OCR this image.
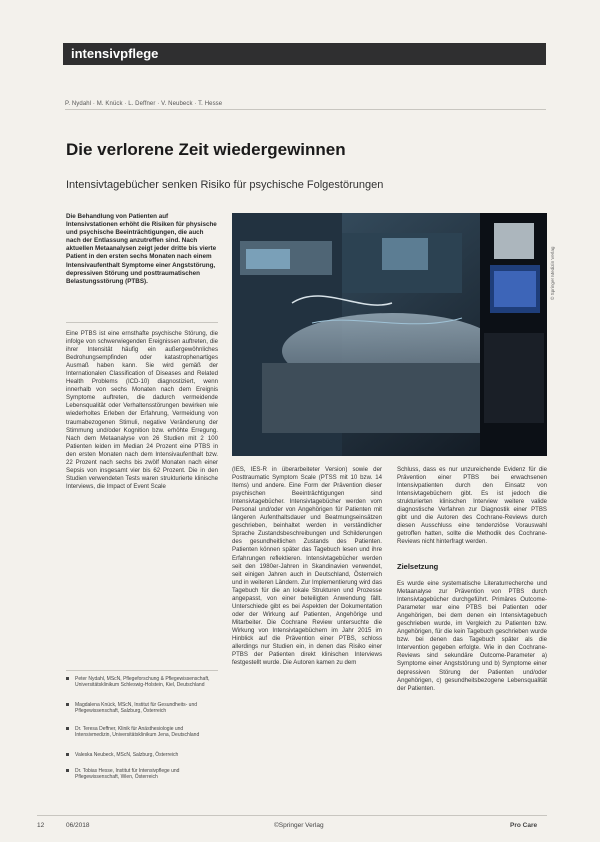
intensivpflege
P. Nydahl · M. Knück · L. Deffner · V. Neubeck · T. Hesse
Die verlorene Zeit wiedergewinnen
Intensivtagebücher senken Risiko für psychische Folgestörungen
Die Behandlung von Patienten auf Intensivstationen erhöht die Risiken für physische und psychische Beeinträchtigungen, die auch nach der Entlassung anzutreffen sind. Nach aktuellen Metaanalysen zeigt jeder dritte bis vierte Patient in den ersten sechs Monaten nach einem Intensivaufenthalt Symptome einer Angststörung, depressiven Störung und posttraumatischen Belastungsstörung (PTBS).

Eine PTBS ist eine ernsthafte psychische Störung, die infolge von schwerwiegenden Ereignissen auftreten, die ihrer Intensität häufig ein außergewöhnliches Bedrohungsempfinden oder katastrophenartiges Ausmaß haben kann. Sie wird gemäß der Internationalen Classification of Diseases and Related Health Problems (ICD-10) diagnostiziert, wenn innerhalb von sechs Monaten nach dem Ereignis Symptome auftreten, die dadurch vermeidende Lebensqualität oder Verhaltensstörungen bewirken wie wiederholtes Erleben der Erfahrung, Vermeidung von traumabezogenen Stimuli, negative Veränderung der Stimmung und/oder Kognition bzw. erhöhte Erregung. Nach dem Metaanalyse von 26 Studien mit 2 100 Patienten leiden im Median 24 Prozent eine PTBS in den ersten Monaten nach dem Intensivaufenthalt bzw. 22 Prozent nach sechs bis zwölf Monaten nach einer Sepsis von insgesamt vier bis 62 Prozent. Die in den Studien verwendeten Tests waren strukturierte klinische Interviews, die Impact of Event Scale

© Springer Medizin Verlag

(IES, IES-R in überarbeiteter Version) sowie der Posttraumatic Symptom Scale (PTSS mit 10 bzw. 14 Items) und andere. Eine Form der Prävention dieser psychischen Beeinträchtigungen sind Intensivtagebücher. Intensivtagebücher werden vom Personal und/oder von Angehörigen für Patienten mit längeren Aufenthaltsdauer und Beatmungseinsätzen geschrieben, beinhaltet werden in verständlicher Sprache Zustandsbeschreibungen und Schilderungen des gesundheitlichen Zustands des Patienten. Patienten können später das Tagebuch lesen und ihre Erfahrungen reflektieren. Intensivtagebücher werden seit den 1980er-Jahren in Skandinavien verwendet, seit einigen Jahren auch in Deutschland, Österreich und in weiteren Ländern. Zur Implementierung wird das Tagebuch für die an lokale Strukturen und Prozesse angepasst, von einer beteiligten Anwendung fällt. Unterschiede gibt es bei Aspekten der Dokumentation oder der Wirkung auf Patienten, Angehörige und Mitarbeiter. Die Cochrane Review untersuchte die Wirkung von Intensivtagebüchern im Jahr 2015 im Hinblick auf die Prävention einer PTBS, schloss allerdings nur Studien ein, in denen das Risiko einer PTBS der Patienten direkt klinischen Interviews festgestellt wurde. Die Autoren kamen zu dem

Schluss, dass es nur unzureichende Evidenz für die Prävention einer PTBS bei erwachsenen Intensivpatienten durch den Einsatz von Intensivtagebüchern gibt. Es ist jedoch die strukturierten klinischen Interview weitere valide diagnostische Verfahren zur Diagnostik einer PTBS gibt und die Autoren des Cochrane-Reviews durch diesen Ausschluss eine tendenziöse Vorauswahl getroffen hatten, sollte die Methodik des Cochrane-Reviews nicht hinterfragt werden.

Zielsetzung

Es wurde eine systematische Literaturrecherche und Metaanalyse zur Prävention von PTBS durch Intensivtagebücher durchgeführt. Primäres Outcome-Parameter war eine PTBS bei Patienten oder Angehörigen, bei dem denen ein Intensivtagebuch geschrieben wurde, im Vergleich zu Patienten bzw. Angehörigen, für die kein Tagebuch geschrieben wurde bzw. bei denen das Tagebuch später als die Intervention gegeben erfolgte. Wie in den Cochrane-Reviews sind sekundäre Outcome-Parameter a) Symptome einer Angststörung und b) Symptome einer depressiven Störung der Patienten und/oder Angehörigen, c) gesundheitsbezogene Lebensqualität der Patienten.

Peter Nydahl, MScN, Pflegeforschung & Pflegewissenschaft, Universitätsklinikum Schleswig-Holstein, Kiel, Deutschland
Magdalena Knück, MScN, Institut für Gesundheits- und Pflegewissenschaft, Salzburg, Österreich
Dr. Teresa Deffner, Klinik für Anästhesiologie und Intensivmedizin, Universitätsklinikum Jena, Deutschland
Valeska Neubeck, MScN, Salzburg, Österreich
Dr. Tobias Hesse, Institut für Intensivpflege und Pflegewissenschaft, Wien, Österreich
12	06/2018	©Springer Verlag	Pro Care
